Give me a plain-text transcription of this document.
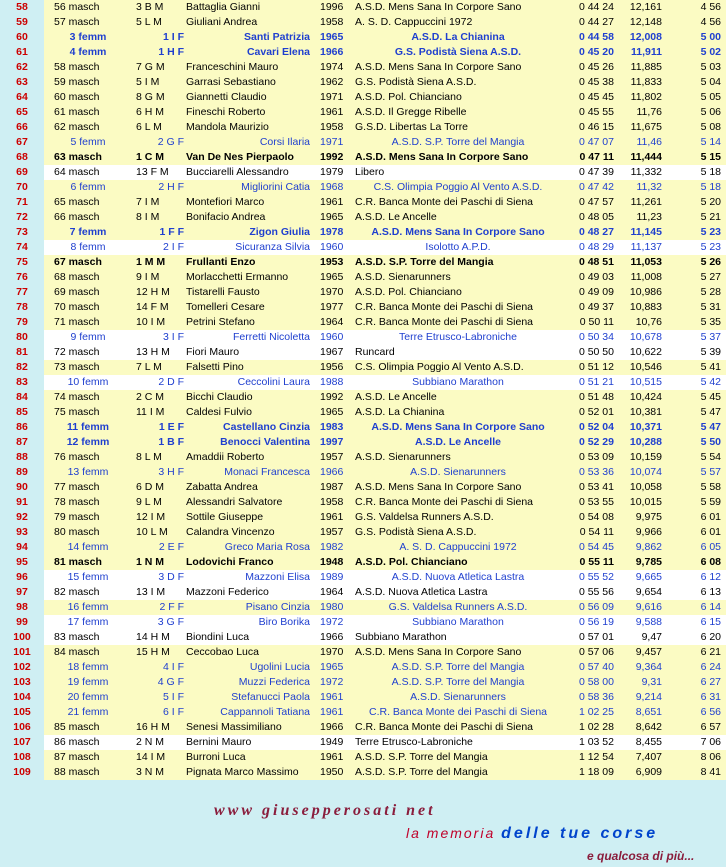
58	56 masch	3 B M	Battaglia Gianni	1996	A.S.D. Mens Sana In Corpore Sano	0 44 24	12,161	4 56
59	57 masch	5 L M	Giuliani Andrea	1958	A. S. D. Cappuccini 1972	0 44 27	12,148	4 56
60	3 femm	1 I F	Santi Patrizia 1965	A.S.D. La Chianina	0 44 58	12,008	5 00
61	4 femm	1 H F	Cavari Elena 1966	G.S. Podistà Siena A.S.D.	0 45 20	11,911	5 02
62	58 masch	7 G M	Franceschini Mauro	1974	A.S.D. Mens Sana In Corpore Sano	0 45 26	11,885	5 03
63	59 masch	5 I M	Garrasi Sebastiano	1962	G.S. Podistà Siena A.S.D.	0 45 38	11,833	5 04
64	60 masch	8 G M	Giannetti Claudio	1971	A.S.D. Pol. Chianciano	0 45 45	11,802	5 05
65	61 masch	6 H M	Fineschi Roberto	1961	A.S.D. Il Gregge Ribelle	0 45 55	11,76	5 06
66	62 masch	6 L M	Mandola Maurizio	1958	G.S.D. Libertas La Torre	0 46 15	11,675	5 08
67	5 femm	2 G F	Corsi Ilaria 1971	A.S.D. S.P. Torre del Mangia	0 47 07	11,46	5 14
68	63 masch	1 C M	Van De Nes Pierpaolo	1992	A.S.D. Mens Sana In Corpore Sano	0 47 11	11,444	5 15
69	64 masch	13 F M	Bucciarelli Alessandro	1979	Libero	0 47 39	11,332	5 18
70	6 femm	2 H F	Migliorini Catia 1968	C.S. Olimpia Poggio Al Vento A.S.D.	0 47 42	11,32	5 18
71	65 masch	7 I M	Montefiori Marco	1961	C.R. Banca Monte dei Paschi di Siena	0 47 57	11,261	5 20
72	66 masch	8 I M	Bonifacio Andrea	1965	A.S.D. Le Ancelle	0 48 05	11,23	5 21
73	7 femm	1 F F	Zigon Giulia 1978	A.S.D. Mens Sana In Corpore Sano	0 48 27	11,145	5 23
74	8 femm	2 I F	Sicuranza Silvia 1960	Isolotto A.P.D.	0 48 29	11,137	5 23
75	67 masch	1 M M	Frullanti Enzo	1953	A.S.D. S.P. Torre del Mangia	0 48 51	11,053	5 26
76	68 masch	9 I M	Morlacchetti Ermanno	1965	A.S.D. Sienarunners	0 49 03	11,008	5 27
77	69 masch	12 H M	Tistarelli Fausto	1970	A.S.D. Pol. Chianciano	0 49 09	10,986	5 28
78	70 masch	14 F M	Tomelleri Cesare	1977	C.R. Banca Monte dei Paschi di Siena	0 49 37	10,883	5 31
79	71 masch	10 I M	Petrini Stefano	1964	C.R. Banca Monte dei Paschi di Siena	0 50 11	10,76	5 35
80	9 femm	3 I F	Ferretti Nicoletta 1960	Terre Etrusco-Labroniche	0 50 34	10,678	5 37
81	72 masch	13 H M	Fiori Mauro	1967	Runcard	0 50 50	10,622	5 39
82	73 masch	7 L M	Falsetti Pino	1956	C.S. Olimpia Poggio Al Vento A.S.D.	0 51 12	10,546	5 41
83	10 femm	2 D F	Ceccolini Laura 1988	Subbiano Marathon	0 51 21	10,515	5 42
84	74 masch	2 C M	Bicchi Claudio	1992	A.S.D. Le Ancelle	0 51 48	10,424	5 45
85	75 masch	11 I M	Caldesi Fulvio	1965	A.S.D. La Chianina	0 52 01	10,381	5 47
86	11 femm	1 E F	Castellano Cinzia 1983	A.S.D. Mens Sana In Corpore Sano	0 52 04	10,371	5 47
87	12 femm	1 B F	Benocci Valentina 1997	A.S.D. Le Ancelle	0 52 29	10,288	5 50
88	76 masch	8 L M	Amaddii Roberto	1957	A.S.D. Sienarunners	0 53 09	10,159	5 54
89	13 femm	3 H F	Monaci Francesca 1966	A.S.D. Sienarunners	0 53 36	10,074	5 57
90	77 masch	6 D M	Zabatta Andrea	1987	A.S.D. Mens Sana In Corpore Sano	0 53 41	10,058	5 58
91	78 masch	9 L M	Alessandri Salvatore	1958	C.R. Banca Monte dei Paschi di Siena	0 53 55	10,015	5 59
92	79 masch	12 I M	Sottile Giuseppe	1961	G.S. Valdelsa Runners A.S.D.	0 54 08	9,975	6 01
93	80 masch	10 L M	Calandra Vincenzo	1957	G.S. Podistà Siena A.S.D.	0 54 11	9,966	6 01
94	14 femm	2 E F	Greco Maria Rosa 1982	A. S. D. Cappuccini 1972	0 54 45	9,862	6 05
95	81 masch	1 N M	Lodovichi Franco	1948	A.S.D. Pol. Chianciano	0 55 11	9,785	6 08
96	15 femm	3 D F	Mazzoni Elisa 1989	A.S.D. Nuova Atletica Lastra	0 55 52	9,665	6 12
97	82 masch	13 I M	Mazzoni Federico	1964	A.S.D. Nuova Atletica Lastra	0 55 56	9,654	6 13
98	16 femm	2 F F	Pisano Cinzia 1980	G.S. Valdelsa Runners A.S.D.	0 56 09	9,616	6 14
99	17 femm	3 G F	Biro Borika 1972	Subbiano Marathon	0 56 19	9,588	6 15
100	83 masch	14 H M	Biondini Luca	1966	Subbiano Marathon	0 57 01	9,47	6 20
101	84 masch	15 H M	Ceccobao Luca	1970	A.S.D. Mens Sana In Corpore Sano	0 57 06	9,457	6 21
102	18 femm	4 I F	Ugolini Lucia 1965	A.S.D. S.P. Torre del Mangia	0 57 40	9,364	6 24
103	19 femm	4 G F	Muzzi Federica 1972	A.S.D. S.P. Torre del Mangia	0 58 00	9,31	6 27
104	20 femm	5 I F	Stefanucci Paola 1961	A.S.D. Sienarunners	0 58 36	9,214	6 31
105	21 femm	6 I F	Cappannoli Tatiana 1961	C.R. Banca Monte dei Paschi di Siena	1 02 25	8,651	6 56
106	85 masch	16 H M	Senesi Massimiliano	1966	C.R. Banca Monte dei Paschi di Siena	1 02 28	8,642	6 57
107	86 masch	2 N M	Bernini Mauro	1949	Terre Etrusco-Labroniche	1 03 52	8,455	7 06
108	87 masch	14 I M	Burroni Luca	1961	A.S.D. S.P. Torre del Mangia	1 12 54	7,407	8 06
109	88 masch	3 N M	Pignata Marco Massimo	1950	A.S.D. S.P. Torre del Mangia	1 18 09	6,909	8 41
www giusepperosati net
la memoria delle tue corse
e qualcosa di più...
